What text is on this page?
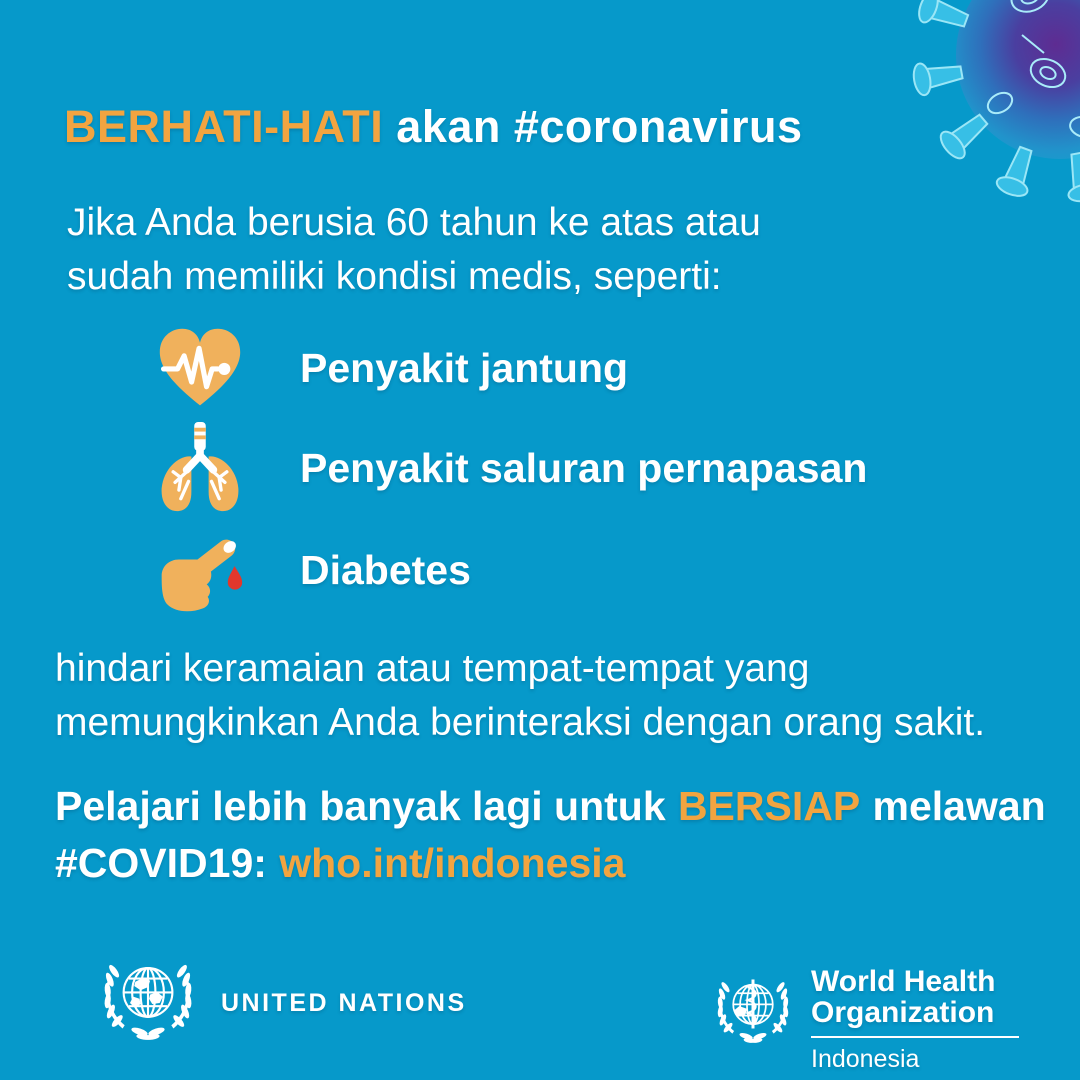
BERHATI-HATI akan #coronavirus
Jika Anda berusia 60 tahun ke atas atau
sudah memiliki kondisi medis, seperti:
Penyakit jantung
Penyakit saluran pernapasan
Diabetes
hindari keramaian atau tempat-tempat yang
memungkinkan Anda berinteraksi dengan orang sakit.
Pelajari lebih banyak lagi untuk BERSIAP melawan
#COVID19: who.int/indonesia
UNITED NATIONS
World Health
Organization
Indonesia
